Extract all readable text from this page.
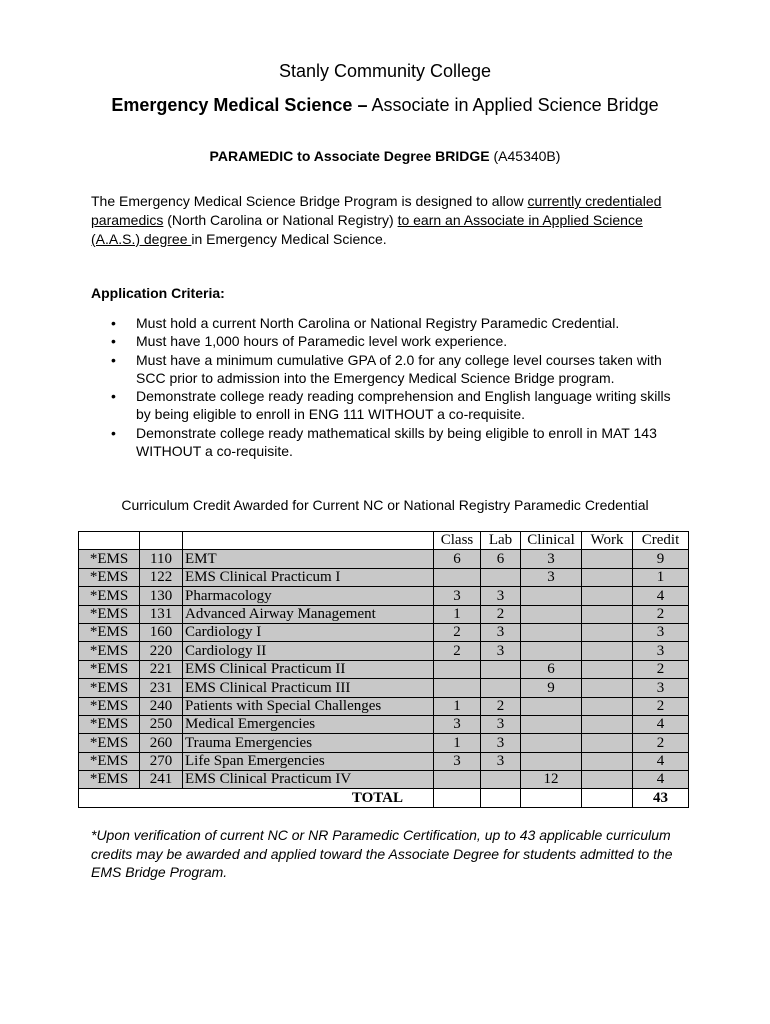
Stanly Community College
Emergency Medical Science – Associate in Applied Science Bridge
PARAMEDIC to Associate Degree BRIDGE (A45340B)
The Emergency Medical Science Bridge Program is designed to allow currently credentialed paramedics (North Carolina or National Registry) to earn an Associate in Applied Science (A.A.S.) degree in Emergency Medical Science.
Application Criteria:
• Must hold a current North Carolina or National Registry Paramedic Credential.
• Must have 1,000 hours of Paramedic level work experience.
• Must have a minimum cumulative GPA of 2.0 for any college level courses taken with SCC prior to admission into the Emergency Medical Science Bridge program.
• Demonstrate college ready reading comprehension and English language writing skills by being eligible to enroll in ENG 111 WITHOUT a co-requisite.
• Demonstrate college ready mathematical skills by being eligible to enroll in MAT 143 WITHOUT a co-requisite.
Curriculum Credit Awarded for Current NC or National Registry Paramedic Credential
			Class	Lab	Clinical	Work	Credit
*EMS	110	EMT	6	6	3		9
*EMS	122	EMS Clinical Practicum I			3		1
*EMS	130	Pharmacology	3	3			4
*EMS	131	Advanced Airway Management	1	2			2
*EMS	160	Cardiology I	2	3			3
*EMS	220	Cardiology II	2	3			3
*EMS	221	EMS Clinical Practicum II			6		2
*EMS	231	EMS Clinical Practicum III			9		3
*EMS	240	Patients with Special Challenges	1	2			2
*EMS	250	Medical Emergencies	3	3			4
*EMS	260	Trauma Emergencies	1	3			2
*EMS	270	Life Span Emergencies	3	3			4
*EMS	241	EMS Clinical Practicum IV			12		4
TOTAL							43
*Upon verification of current NC or NR Paramedic Certification, up to 43 applicable curriculum credits may be awarded and applied toward the Associate Degree for students admitted to the EMS Bridge Program.
